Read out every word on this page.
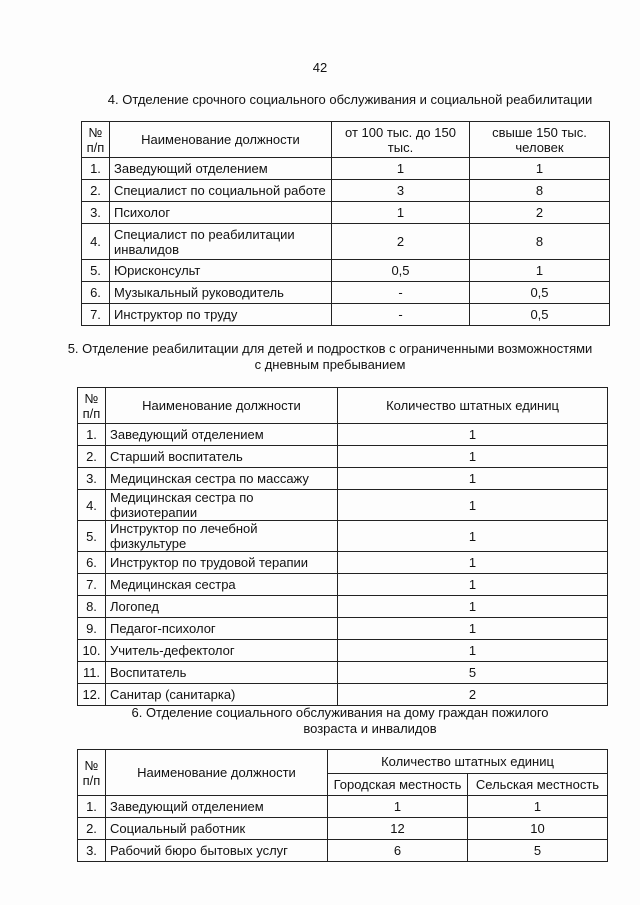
42
4. Отделение срочного социального обслуживания и социальной реабилитации
№ п/п	Наименование должности	от 100 тыс. до 150 тыс.	свыше 150 тыс. человек
1.	Заведующий отделением	1	1
2.	Специалист по социальной работе	3	8
3.	Психолог	1	2
4.	Специалист по реабилитации инвалидов	2	8
5.	Юрисконсульт	0,5	1
6.	Музыкальный руководитель	-	0,5
7.	Инструктор по труду	-	0,5
5. Отделение реабилитации для детей и подростков с ограниченными возможностями
с дневным пребыванием
№ п/п	Наименование должности	Количество штатных единиц
1.	Заведующий отделением	1
2.	Старший воспитатель	1
3.	Медицинская сестра по массажу	1
4.	Медицинская сестра по физиотерапии	1
5.	Инструктор по лечебной физкультуре	1
6.	Инструктор по трудовой терапии	1
7.	Медицинская сестра	1
8.	Логопед	1
9.	Педагог-психолог	1
10.	Учитель-дефектолог	1
11.	Воспитатель	5
12.	Санитар (санитарка)	2
6. Отделение социального обслуживания на дому граждан пожилого
возраста и инвалидов
№ п/п	Наименование должности	Количество штатных единиц	
		Городская местность	Сельская местность
1.	Заведующий отделением	1	1
2.	Социальный работник	12	10
3.	Рабочий бюро бытовых услуг	6	5
